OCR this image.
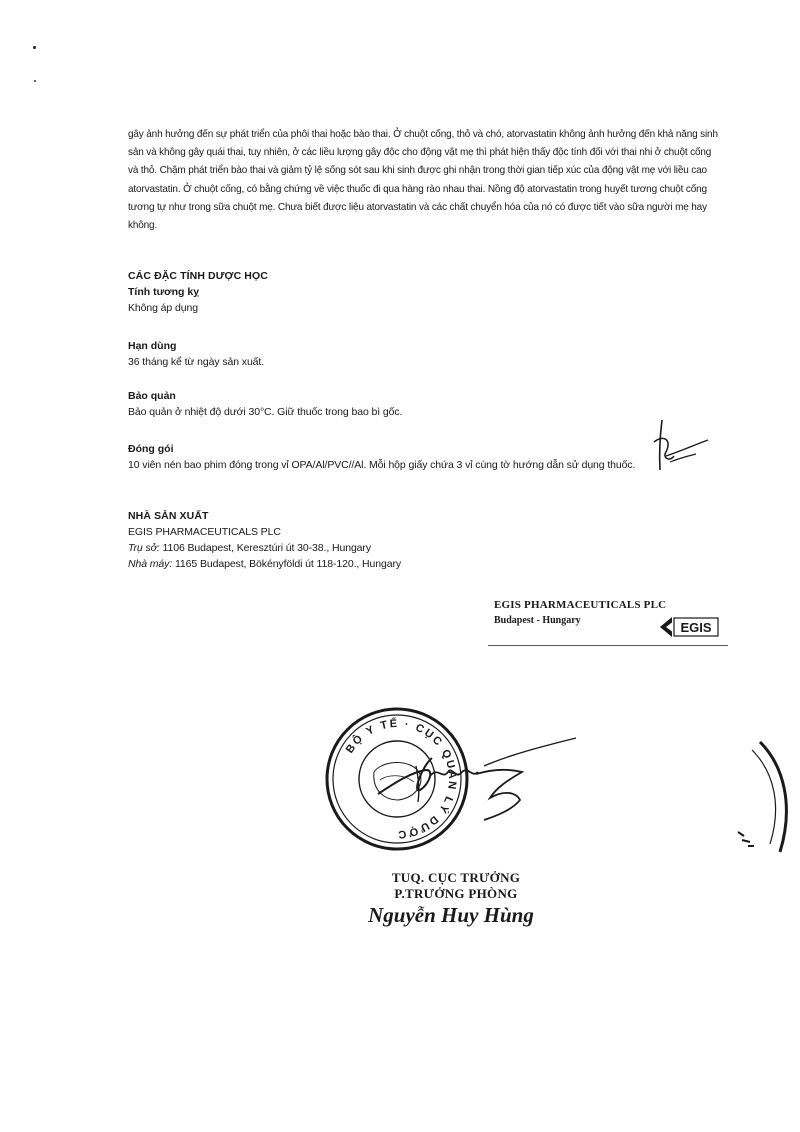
gây ảnh hưởng đến sự phát triển của phôi thai hoặc bào thai. Ở chuột cống, thỏ và chó, atorvastatin không ảnh hưởng đến khả năng sinh
sản và không gây quái thai, tuy nhiên, ở các liều lượng gây độc cho động vật mẹ thì phát hiện thấy độc tính đối với thai nhi ở chuột cống
và thỏ. Chậm phát triển bào thai và giảm tỷ lệ sống sót sau khi sinh được ghi nhận trong thời gian tiếp xúc của động vật mẹ với liều cao
atorvastatin. Ở chuột cống, có bằng chứng về việc thuốc đi qua hàng rào nhau thai. Nồng độ atorvastatin trong huyết tương chuột cống
tương tự như trong sữa chuột mẹ. Chưa biết được liệu atorvastatin và các chất chuyển hóa của nó có được tiết vào sữa người mẹ hay
không.
CÁC ĐẶC TÍNH DƯỢC HỌC
Tính tương kỵ
Không áp dụng
Hạn dùng
36 tháng kể từ ngày sản xuất.
Bảo quản
Bảo quản ở nhiệt độ dưới 30°C. Giữ thuốc trong bao bì gốc.
Đóng gói
10 viên nén bao phim đóng trong vỉ OPA/Al/PVC//Al. Mỗi hộp giấy chứa 3 vỉ cùng tờ hướng dẫn sử dụng thuốc.
NHÀ SẢN XUẤT
EGIS PHARMACEUTICALS PLC
Trụ sở: 1106 Budapest, Keresztúri út 30-38., Hungary
Nhà máy: 1165 Budapest, Bökényföldi út 118-120., Hungary
EGIS PHARMACEUTICALS PLC
Budapest - Hungary	EGIS
BỘ Y TẾ · CỤC QUẢN LÝ DƯỢC
TUQ. CỤC TRƯỞNG
P.TRƯỞNG PHÒNG
Nguyễn Huy Hùng
